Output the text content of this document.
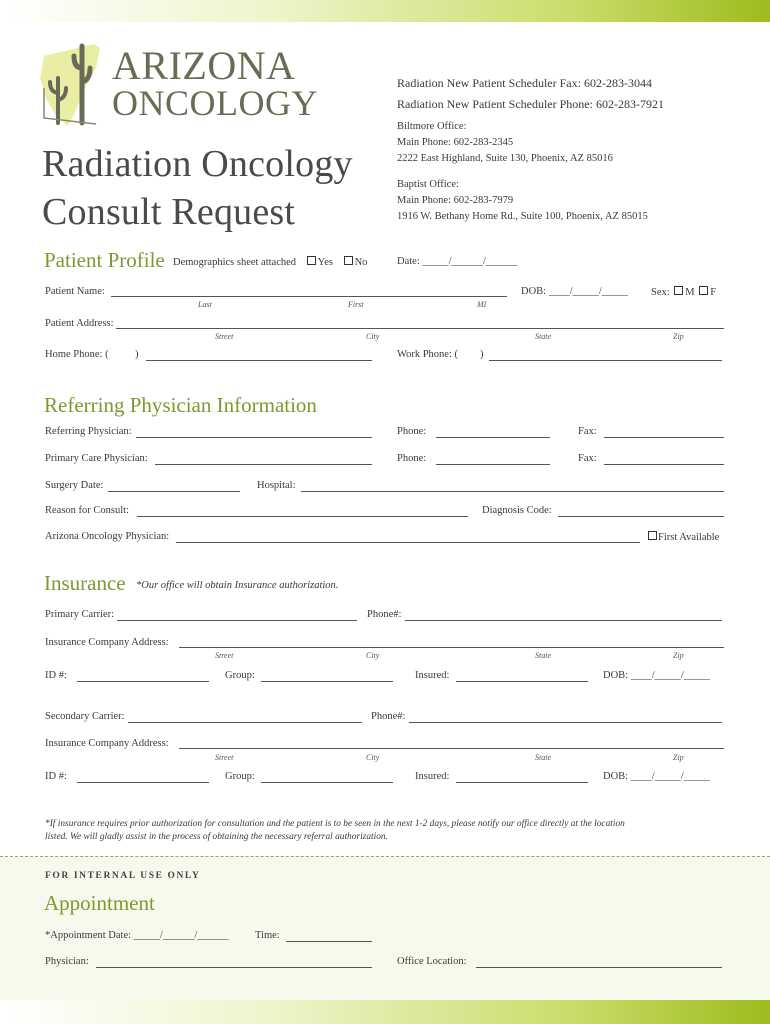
ARIZONA
ONCOLOGY
Radiation Oncology
Consult Request
Radiation New Patient Scheduler Fax: 602-283-3044
Radiation New Patient Scheduler Phone: 602-283-7921
Biltmore Office:
Main Phone: 602-283-2345
2222 East Highland, Suite 130, Phoenix, AZ 85016
Baptist Office:
Main Phone: 602-283-7979
1916 W. Bethany Home Rd., Suite 100, Phoenix, AZ 85015
Patient Profile Demographics sheet attached Yes No	Date: _____/______/______
Patient Name:	DOB: ____/_____/_____ Sex: M F
Last	First	MI
Patient Address:
Street	City	State	Zip
Home Phone: (	)	Work Phone: ( )
Referring Physician Information
Referring Physician:	Phone:	Fax:
Primary Care Physician:	Phone:	Fax:
Surgery Date:	Hospital:
Reason for Consult:	Diagnosis Code:
Arizona Oncology Physician:	First Available
Insurance *Our office will obtain Insurance authorization.
Primary Carrier:	Phone#:
Insurance Company Address:
Street	City	State	Zip
ID #:	Group:	Insured:	DOB: ____/_____/_____
Secondary Carrier:	Phone#:
Insurance Company Address:
Street	City	State	Zip
ID #:	Group:	Insured:	DOB: ____/_____/_____
*If insurance requires prior authorization for consultation and the patient is to be seen in the next 1-2 days, please notify our office directly at the location
listed. We will gladly assist in the process of obtaining the necessary referral authorization.
FOR INTERNAL USE ONLY
Appointment
*Appointment Date: _____/______/______	Time:
Physician:	Office Location:
